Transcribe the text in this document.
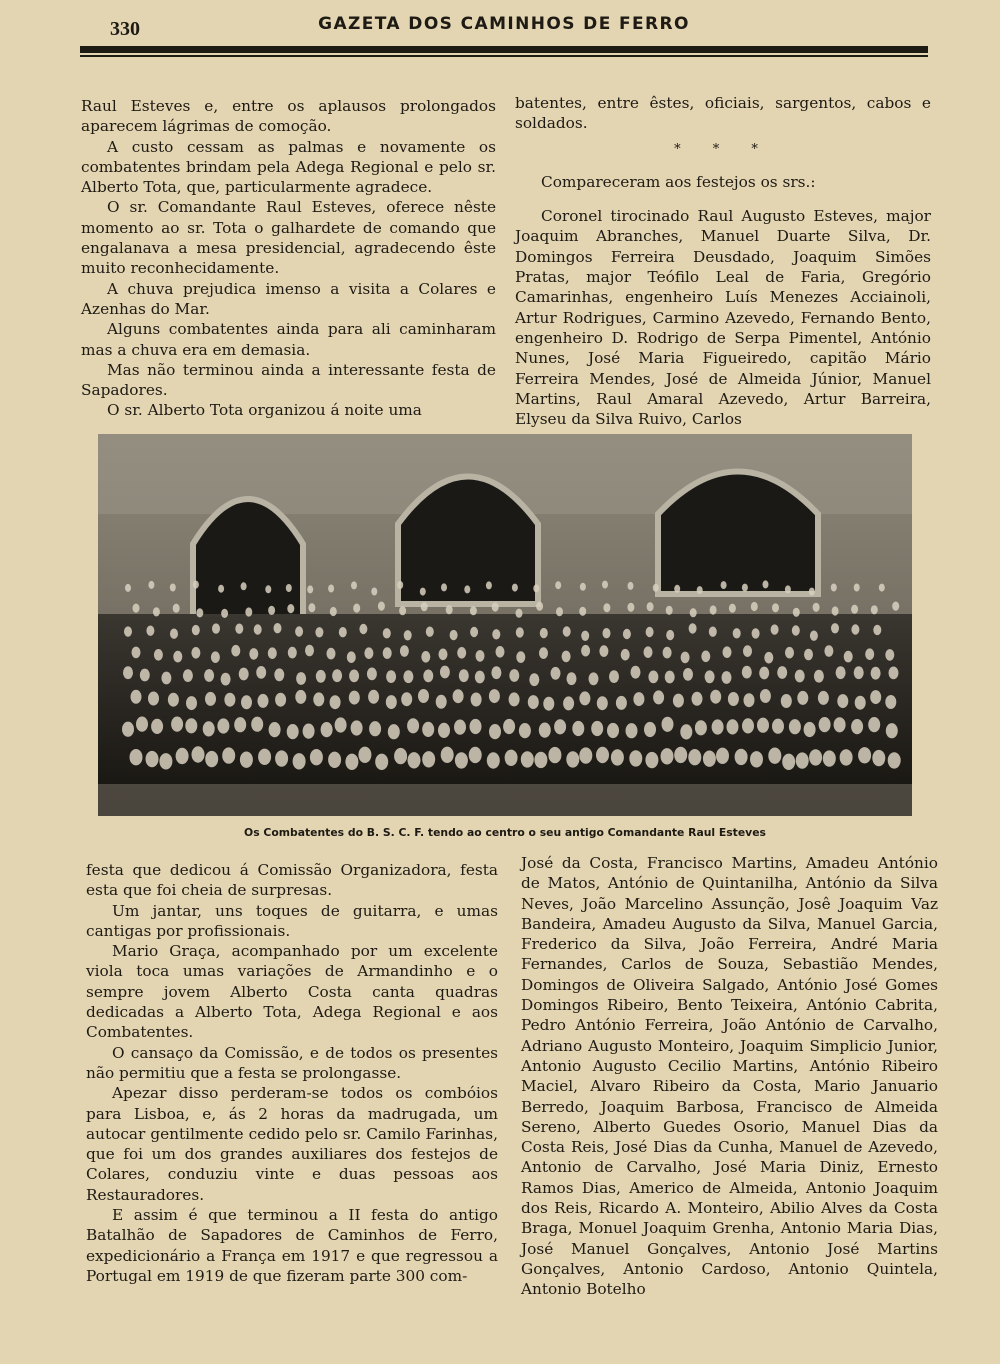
330	GAZETA DOS CAMINHOS DE FERRO

Raul Esteves e, entre os aplausos prolongados aparecem lágrimas de comoção.

A custo cessam as palmas e novamente os combatentes brindam pela Adega Regional e pelo sr. Alberto Tota, que, particularmente agradece.

O sr. Comandante Raul Esteves, oferece nêste momento ao sr. Tota o galhardete de comando que engalanava a mesa presidencial, agradecendo êste muito reconhecidamente.

A chuva prejudica imenso a visita a Colares e Azenhas do Mar.

Alguns combatentes ainda para ali caminharam mas a chuva era em demasia.

Mas não terminou ainda a interessante festa de Sapadores.

O sr. Alberto Tota organizou á noite uma

batentes, entre êstes, oficiais, sargentos, cabos e soldados.

* * *

Compareceram aos festejos os srs.:

Coronel tirocinado Raul Augusto Esteves, major Joaquim Abranches, Manuel Duarte Silva, Dr. Domingos Ferreira Deusdado, Joaquim Simões Pratas, major Teófilo Leal de Faria, Gregório Camarinhas, engenheiro Luís Menezes Acciainoli, Artur Rodrigues, Carmino Azevedo, Fernando Bento, engenheiro D. Rodrigo de Serpa Pimentel, António Nunes, José Maria Figueiredo, capitão Mário Ferreira Mendes, José de Almeida Júnior, Manuel Martins, Raul Amaral Azevedo, Artur Barreira, Elyseu da Silva Ruivo, Carlos

Os Combatentes do B. S. C. F. tendo ao centro o seu antigo Comandante Raul Esteves

festa que dedicou á Comissão Organizadora, festa esta que foi cheia de surpresas.

Um jantar, uns toques de guitarra, e umas cantigas por profissionais.

Mario Graça, acompanhado por um excelente viola toca umas variações de Armandinho e o sempre jovem Alberto Costa canta quadras dedicadas a Alberto Tota, Adega Regional e aos Combatentes.

O cansaço da Comissão, e de todos os presentes não permitiu que a festa se prolongasse.

Apezar disso perderam-se todos os combóios para Lisboa, e, ás 2 horas da madrugada, um autocar gentilmente cedido pelo sr. Camilo Farinhas, que foi um dos grandes auxiliares dos festejos de Colares, conduziu vinte e duas pessoas aos Restauradores.

E assim é que terminou a II festa do antigo Batalhão de Sapadores de Caminhos de Ferro, expedicionário a França em 1917 e que regressou a Portugal em 1919 de que fizeram parte 300 com-

José da Costa, Francisco Martins, Amadeu António de Matos, António de Quintanilha, António da Silva Neves, João Marcelino Assunção, Josê Joaquim Vaz Bandeira, Amadeu Augusto da Silva, Manuel Garcia, Frederico da Silva, João Ferreira, André Maria Fernandes, Carlos de Souza, Sebastião Mendes, Domingos de Oliveira Salgado, António José Gomes Domingos Ribeiro, Bento Teixeira, António Cabrita, Pedro António Ferreira, João António de Carvalho, Adriano Augusto Monteiro, Joaquim Simplicio Junior, Antonio Augusto Cecilio Martins, António Ribeiro Maciel, Alvaro Ribeiro da Costa, Mario Januario Berredo, Joaquim Barbosa, Francisco de Almeida Sereno, Alberto Guedes Osorio, Manuel Dias da Costa Reis, José Dias da Cunha, Manuel de Azevedo, Antonio de Carvalho, José Maria Diniz, Ernesto Ramos Dias, Americo de Almeida, Antonio Joaquim dos Reis, Ricardo A. Monteiro, Abilio Alves da Costa Braga, Monuel Joaquim Grenha, Antonio Maria Dias, José Manuel Gonçalves, Antonio José Martins Gonçalves, Antonio Cardoso, Antonio Quintela, Antonio Botelho
